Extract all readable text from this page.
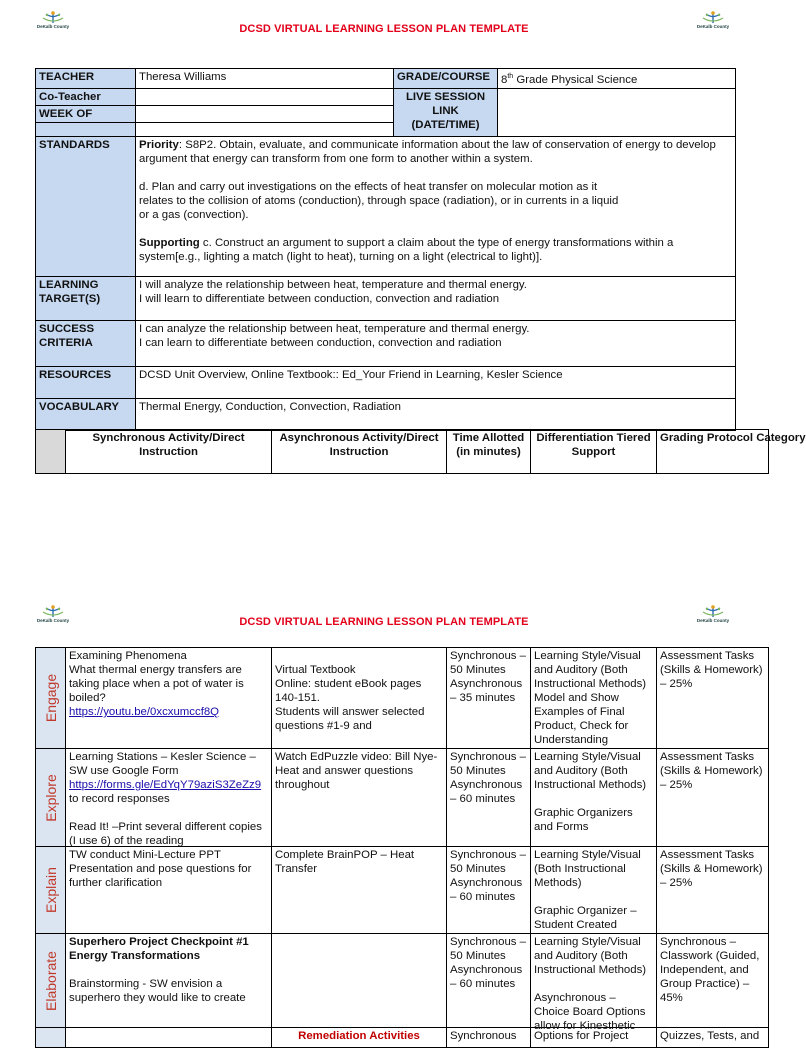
DeKalb County	DCSD VIRTUAL LEARNING LESSON PLAN TEMPLATE	DeKalb County
TEACHER	Theresa Williams	GRADE/COURSE	8th Grade Physical Science
Co-Teacher		LIVE SESSION LINK (DATE/TIME)	
WEEK OF			

STANDARDS	Priority: S8P2. Obtain, evaluate, and communicate information about the law of conservation of energy to develop argument that energy can transform from one form to another within a system.
d. Plan and carry out investigations on the effects of heat transfer on molecular motion as it relates to the collision of atoms (conduction), through space (radiation), or in currents in a liquid or a gas (convection).
Supporting c. Construct an argument to support a claim about the type of energy transformations within a system[e.g., lighting a match (light to heat), turning on a light (electrical to light)].		

LEARNING TARGET(S)	I will analyze the relationship between heat, temperature and thermal energy.
I will learn to differentiate between conduction, convection and radiation		

SUCCESS CRITERIA	I can analyze the relationship between heat, temperature and thermal energy.
I can learn to differentiate between conduction, convection and radiation		

RESOURCES	DCSD Unit Overview, Online Textbook:: Ed_Your Friend in Learning, Kesler Science		
VOCABULARY	Thermal Energy, Conduction, Convection, Radiation		
	Synchronous Activity/Direct Instruction	Asynchronous Activity/Direct Instruction	Time Allotted (in minutes)	Differentiation Tiered Support	Grading Protocol Category
DeKalb County	DCSD VIRTUAL LEARNING LESSON PLAN TEMPLATE	DeKalb County
Engage	Examining Phenomena
What thermal energy transfers are taking place when a pot of water is boiled?
https://youtu.be/0xcxumccf8Q	Virtual Textbook
Online: student eBook pages 140-151.
Students will answer selected questions #1-9 and	Synchronous – 50 Minutes
Asynchronous – 35 minutes	Learning Style/Visual and Auditory (Both Instructional Methods) Model and Show Examples of Final Product, Check for Understanding	Assessment Tasks (Skills & Homework) – 25%

Explore	Learning Stations – Kesler Science – SW use Google Form
https://forms.gle/EdYqY79aziS3ZeZz9
to record responses

Read It! –Print several different copies (I use 6) of the reading	Watch EdPuzzle video: Bill Nye-Heat and answer questions throughout	Synchronous – 50 Minutes
Asynchronous – 60 minutes	Learning Style/Visual and Auditory (Both Instructional Methods)

Graphic Organizers and Forms	Assessment Tasks (Skills & Homework) – 25%

Explain	TW conduct Mini-Lecture PPT Presentation and pose questions for further clarification	Complete BrainPOP – Heat Transfer	Synchronous – 50 Minutes
Asynchronous – 60 minutes	Learning Style/Visual (Both Instructional Methods)

Graphic Organizer – Student Created	Assessment Tasks (Skills & Homework) – 25%

Elaborate	Superhero Project Checkpoint #1 Energy Transformations

Brainstorming - SW envision a superhero they would like to create		Synchronous – 50 Minutes
Asynchronous – 60 minutes	Learning Style/Visual and Auditory (Both Instructional Methods)

Asynchronous – Choice Board Options allow for Kinesthetic	Synchronous – Classwork (Guided, Independent, and Group Practice) – 45%

		Remediation Activities	Synchronous	Options for Project	Quizzes, Tests, and
